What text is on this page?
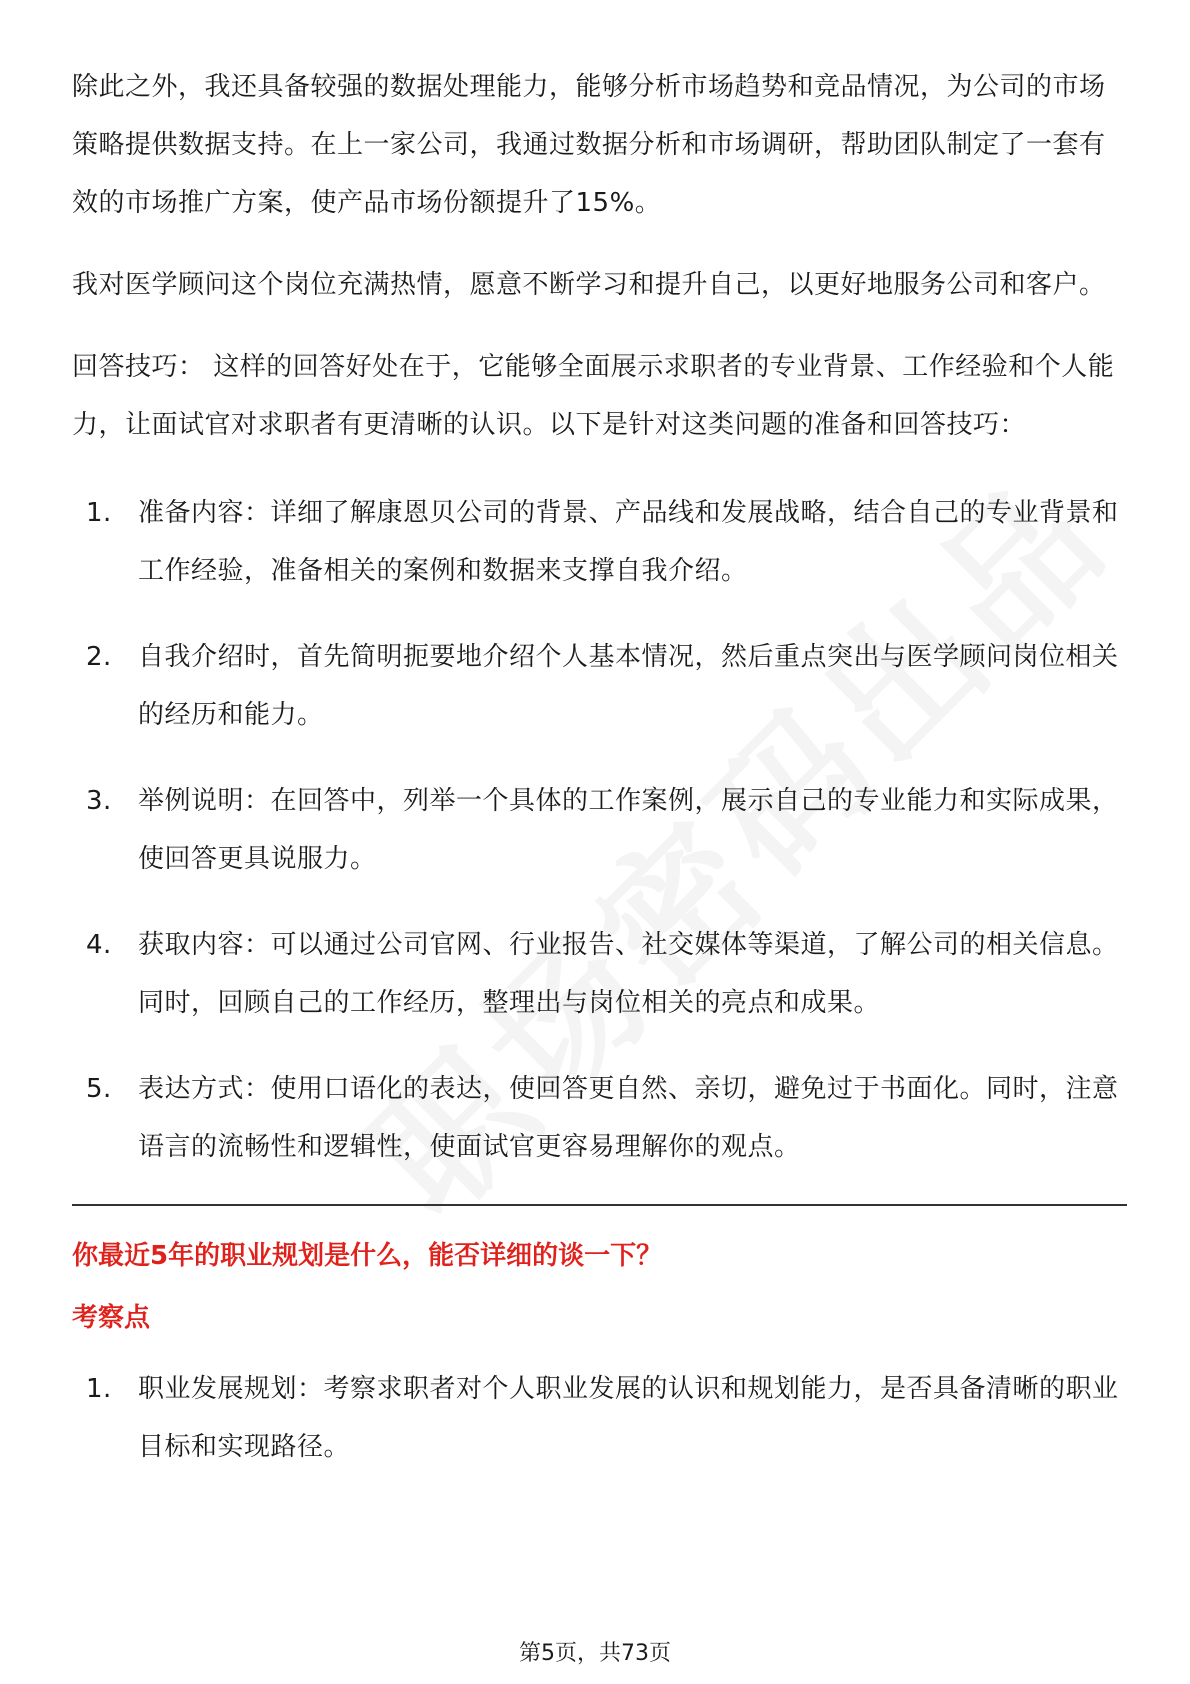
除此之外，我还具备较强的数据处理能力，能够分析市场趋势和竞品情况，为公司的市场策略提供数据支持。在上一家公司，我通过数据分析和市场调研，帮助团队制定了一套有效的市场推广方案，使产品市场份额提升了15%。

我对医学顾问这个岗位充满热情，愿意不断学习和提升自己，以更好地服务公司和客户。

回答技巧： 这样的回答好处在于，它能够全面展示求职者的专业背景、工作经验和个人能力，让面试官对求职者有更清晰的认识。以下是针对这类问题的准备和回答技巧：

1.	准备内容：详细了解康恩贝公司的背景、产品线和发展战略，结合自己的专业背景和工作经验，准备相关的案例和数据来支撑自我介绍。
2.	自我介绍时，首先简明扼要地介绍个人基本情况，然后重点突出与医学顾问岗位相关的经历和能力。
3.	举例说明：在回答中，列举一个具体的工作案例，展示自己的专业能力和实际成果，使回答更具说服力。
4.	获取内容：可以通过公司官网、行业报告、社交媒体等渠道，了解公司的相关信息。同时，回顾自己的工作经历，整理出与岗位相关的亮点和成果。
5.	表达方式：使用口语化的表达，使回答更自然、亲切，避免过于书面化。同时，注意语言的流畅性和逻辑性，使面试官更容易理解你的观点。
你最近5年的职业规划是什么，能否详细的谈一下？
考察点
1.	职业发展规划：考察求职者对个人职业发展的认识和规划能力，是否具备清晰的职业目标和实现路径。
第5页，共73页
